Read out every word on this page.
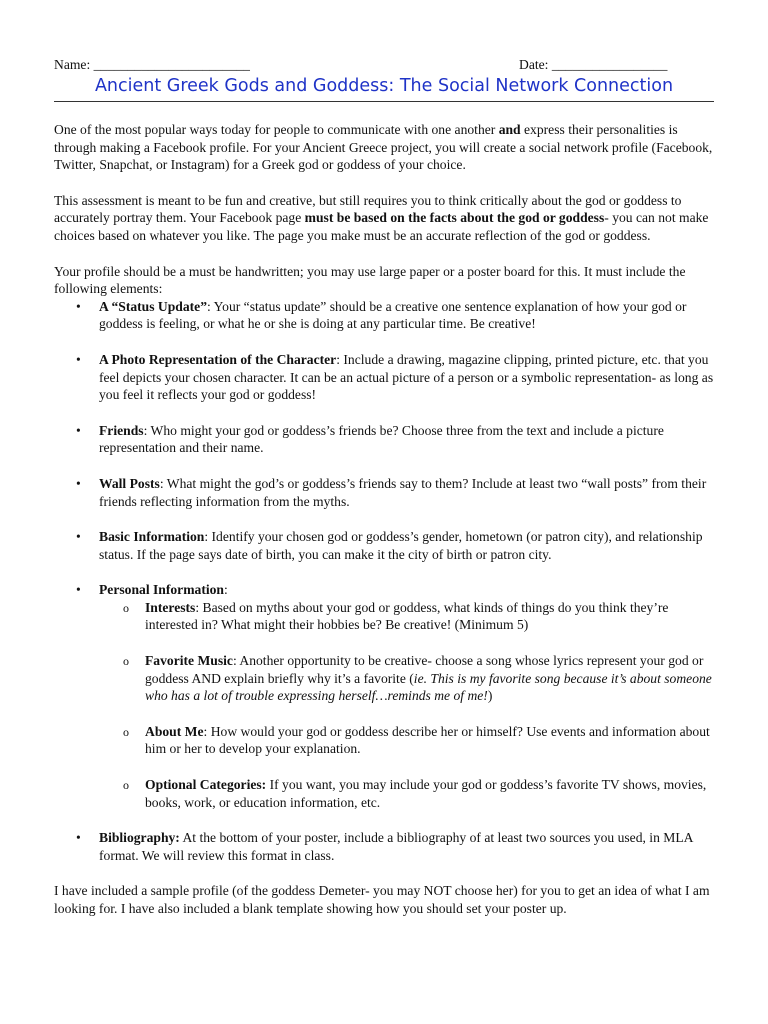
Name: _______________________	Date: _________________
Ancient Greek Gods and Goddess: The Social Network Connection

One of the most popular ways today for people to communicate with one another and express their personalities is through making a Facebook profile. For your Ancient Greece project, you will create a social network profile (Facebook, Twitter, Snapchat, or Instagram) for a Greek god or goddess of your choice.

This assessment is meant to be fun and creative, but still requires you to think critically about the god or goddess to accurately portray them. Your Facebook page must be based on the facts about the god or goddess- you can not make choices based on whatever you like. The page you make must be an accurate reflection of the god or goddess.

Your profile should be a must be handwritten; you may use large paper or a poster board for this. It must include the following elements:

• A “Status Update”: Your “status update” should be a creative one sentence explanation of how your god or goddess is feeling, or what he or she is doing at any particular time. Be creative!
• A Photo Representation of the Character: Include a drawing, magazine clipping, printed picture, etc. that you feel depicts your chosen character. It can be an actual picture of a person or a symbolic representation- as long as you feel it reflects your god or goddess!
• Friends: Who might your god or goddess’s friends be? Choose three from the text and include a picture representation and their name.
• Wall Posts: What might the god’s or goddess’s friends say to them? Include at least two “wall posts” from their friends reflecting information from the myths.
• Basic Information: Identify your chosen god or goddess’s gender, hometown (or patron city), and relationship status. If the page says date of birth, you can make it the city of birth or patron city.
• Personal Information:
o Interests: Based on myths about your god or goddess, what kinds of things do you think they’re interested in? What might their hobbies be? Be creative! (Minimum 5)
o Favorite Music: Another opportunity to be creative- choose a song whose lyrics represent your god or goddess AND explain briefly why it’s a favorite (ie. This is my favorite song because it’s about someone who has a lot of trouble expressing herself…reminds me of me!)
o About Me: How would your god or goddess describe her or himself? Use events and information about him or her to develop your explanation.
o Optional Categories: If you want, you may include your god or goddess’s favorite TV shows, movies, books, work, or education information, etc.
• Bibliography: At the bottom of your poster, include a bibliography of at least two sources you used, in MLA format. We will review this format in class.

I have included a sample profile (of the goddess Demeter- you may NOT choose her) for you to get an idea of what I am looking for. I have also included a blank template showing how you should set your poster up.
